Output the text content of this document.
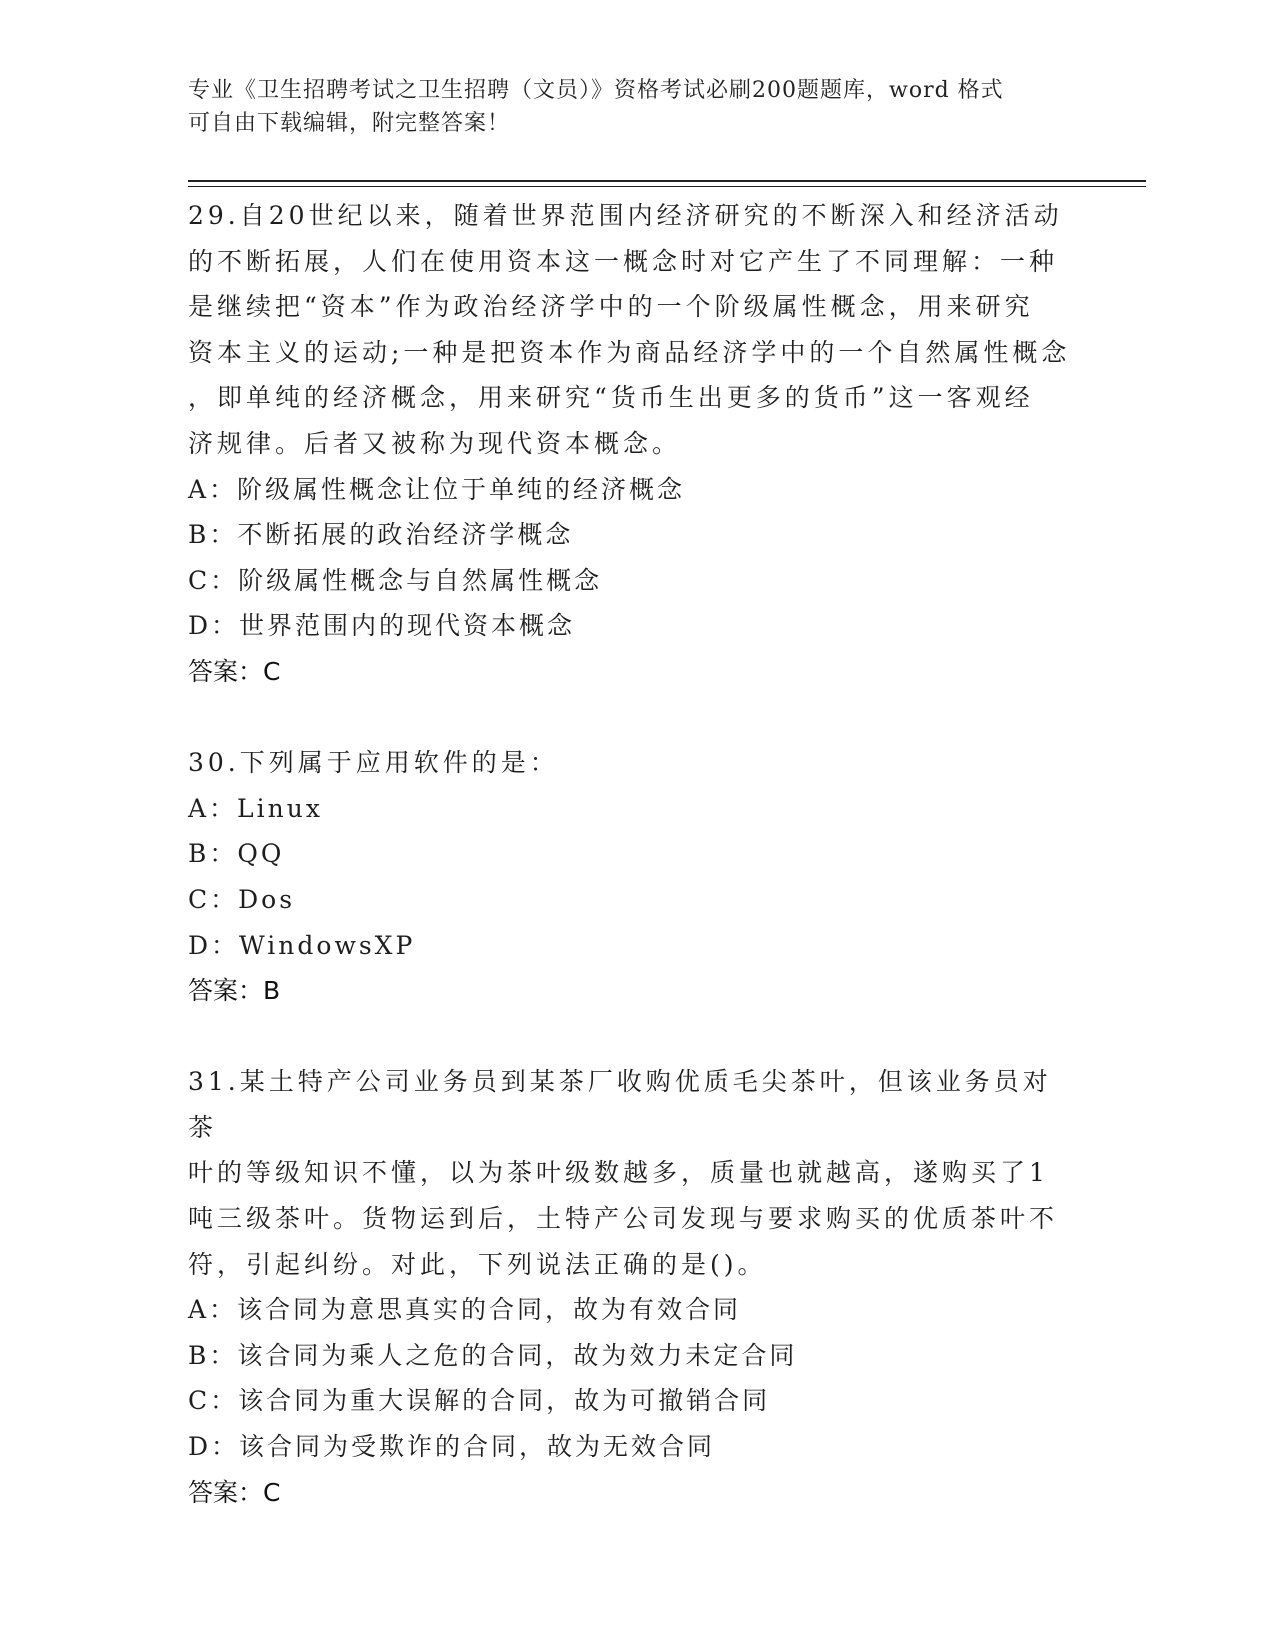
专业《卫生招聘考试之卫生招聘（文员）》资格考试必刷200题题库，word 格式
可自由下载编辑，附完整答案！

29.自20世纪以来，随着世界范围内经济研究的不断深入和经济活动

的不断拓展，人们在使用资本这一概念时对它产生了不同理解：一种

是继续把“资本”作为政治经济学中的一个阶级属性概念，用来研究

资本主义的运动;一种是把资本作为商品经济学中的一个自然属性概念

，即单纯的经济概念，用来研究“货币生出更多的货币”这一客观经

济规律。后者又被称为现代资本概念。

A：阶级属性概念让位于单纯的经济概念

B：不断拓展的政治经济学概念

C：阶级属性概念与自然属性概念

D：世界范围内的现代资本概念

答案：C

30.下列属于应用软件的是：

A：Linux

B：QQ

C：Dos

D：WindowsXP

答案：B

31.某土特产公司业务员到某茶厂收购优质毛尖茶叶，但该业务员对茶

叶的等级知识不懂，以为茶叶级数越多，质量也就越高，遂购买了1

吨三级茶叶。货物运到后，土特产公司发现与要求购买的优质茶叶不

符，引起纠纷。对此，下列说法正确的是()。

A：该合同为意思真实的合同，故为有效合同

B：该合同为乘人之危的合同，故为效力未定合同

C：该合同为重大误解的合同，故为可撤销合同

D：该合同为受欺诈的合同，故为无效合同

答案：C
